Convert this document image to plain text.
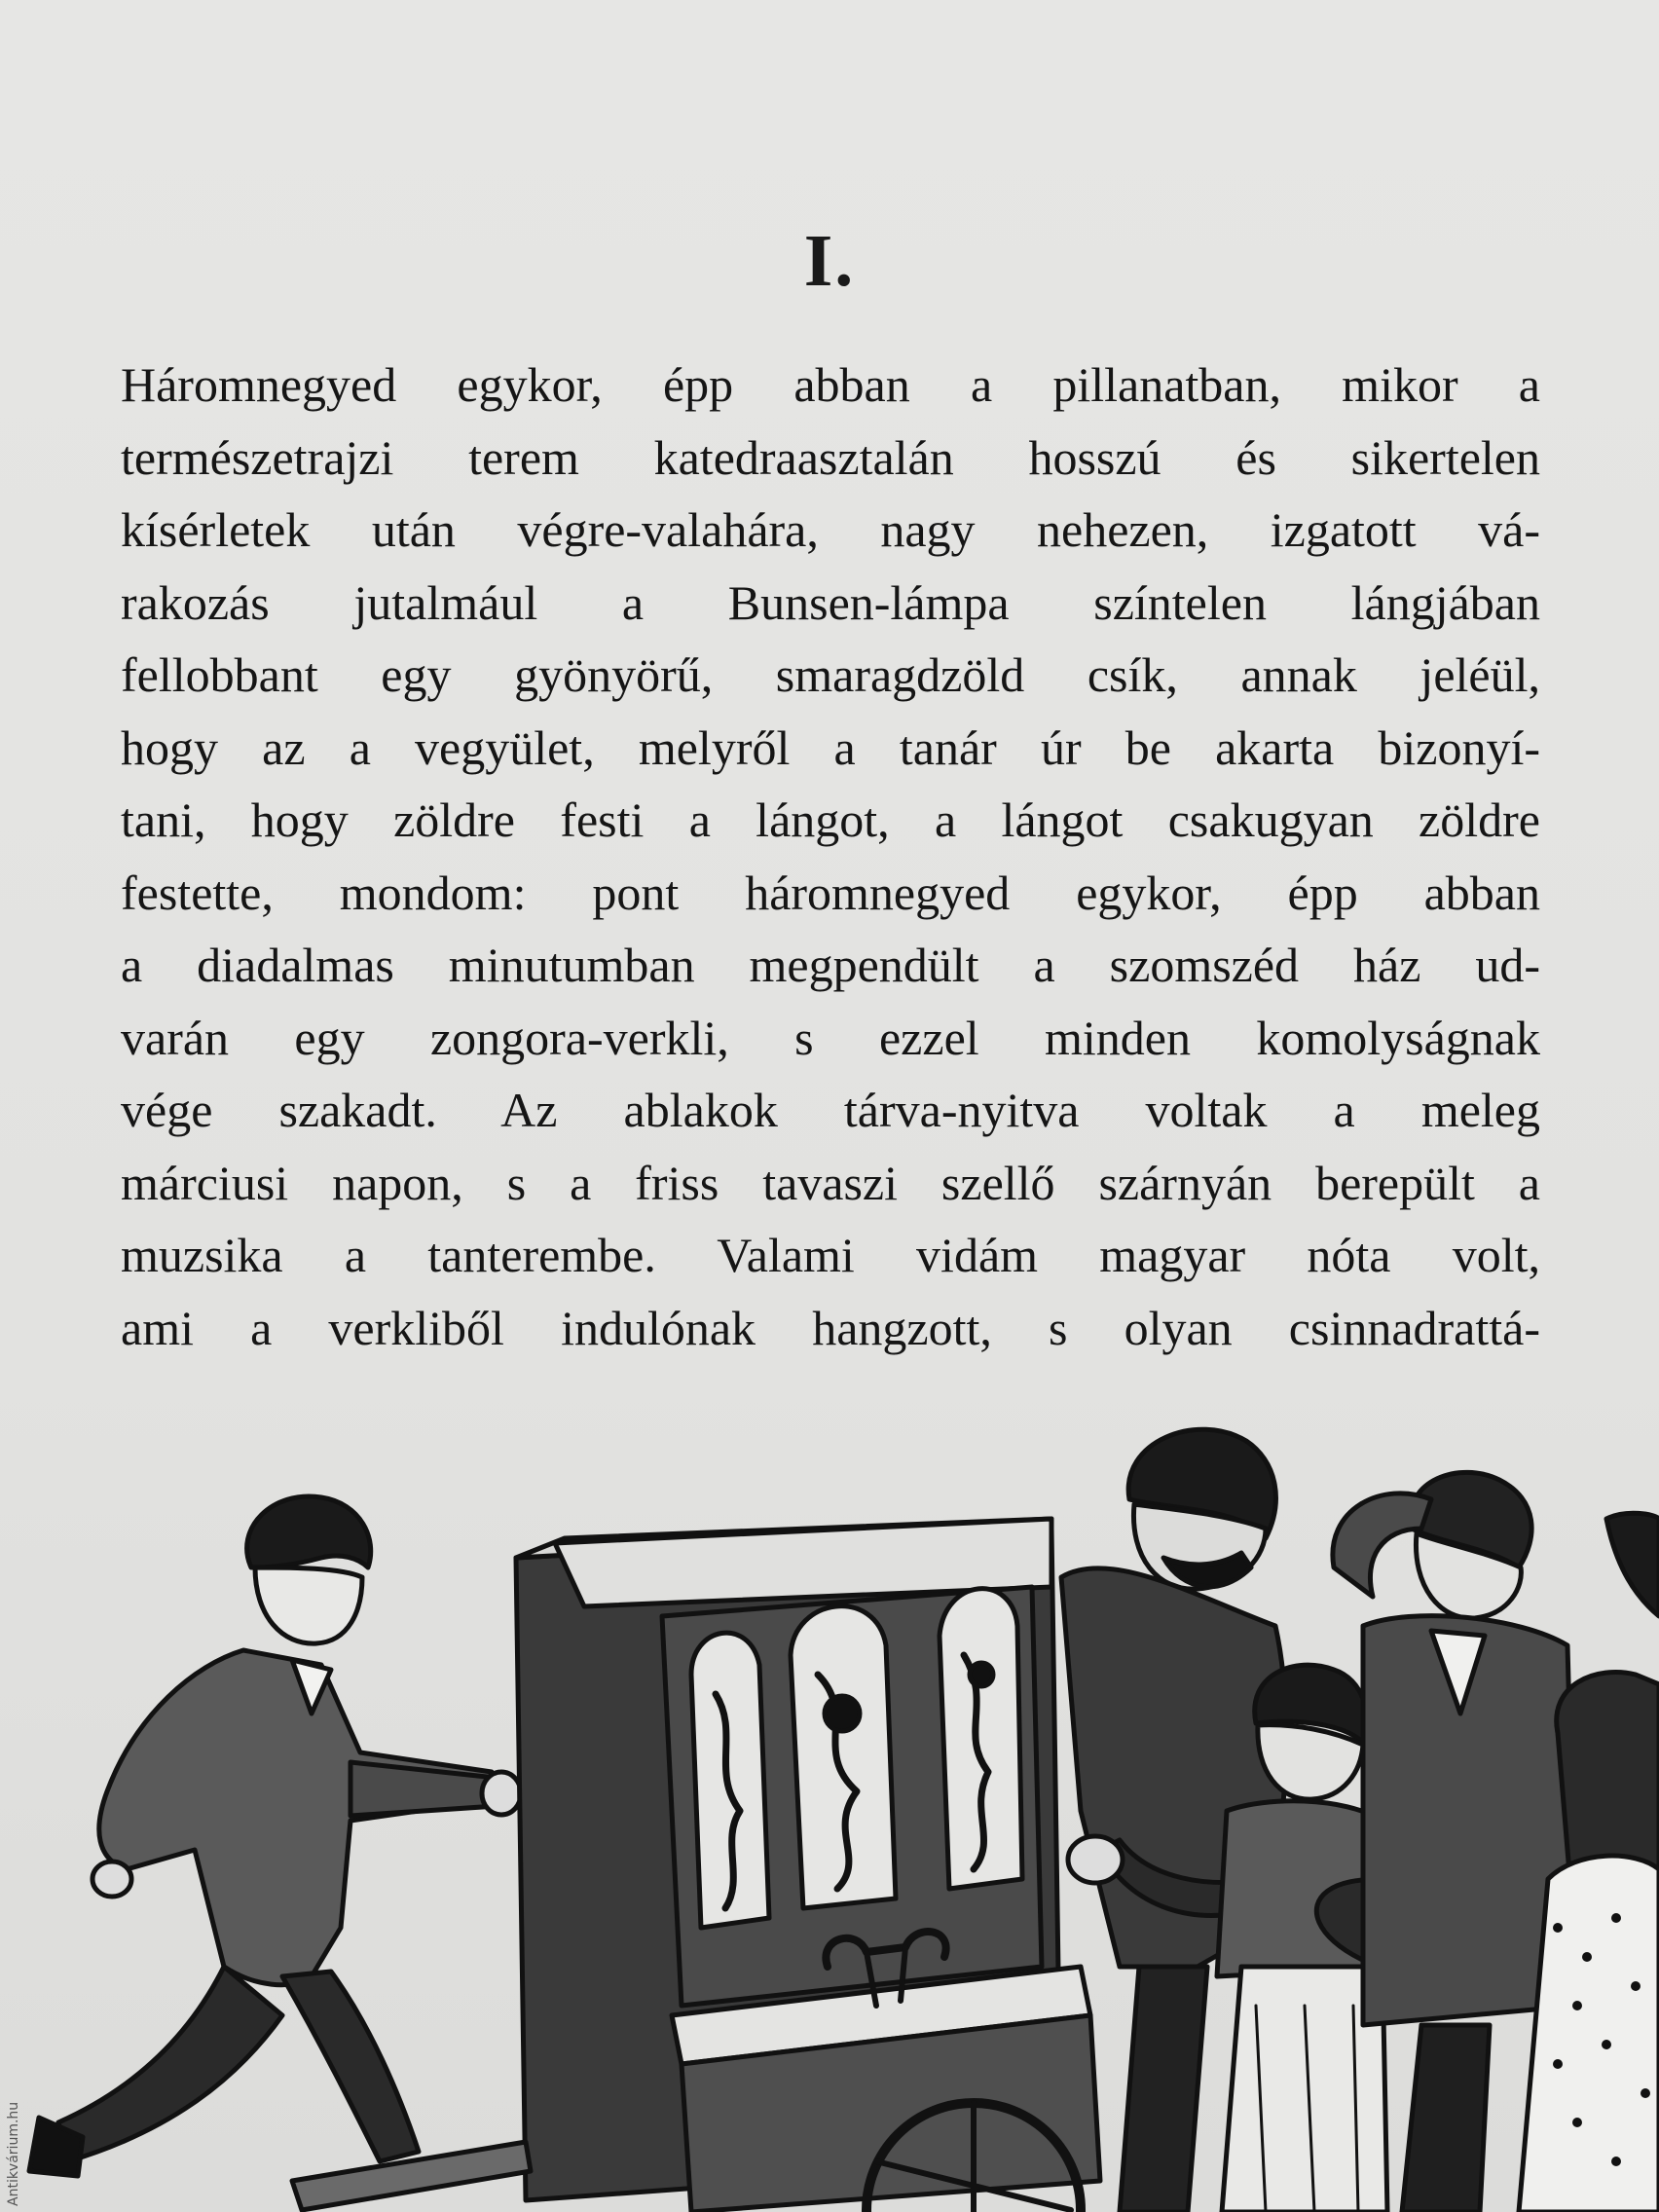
I.
Háromnegyed egykor, épp abban a pillanatban, mikor a
természetrajzi terem katedraasztalán hosszú és sikertelen
kísérletek után végre-valahára, nagy nehezen, izgatott vá-
rakozás jutalmául a Bunsen-lámpa színtelen lángjában
fellobbant egy gyönyörű, smaragdzöld csík, annak jeléül,
hogy az a vegyület, melyről a tanár úr be akarta bizonyí-
tani, hogy zöldre festi a lángot, a lángot csakugyan zöldre
festette, mondom: pont háromnegyed egykor, épp abban
a diadalmas minutumban megpendült a szomszéd ház ud-
varán egy zongora-verkli, s ezzel minden komolyságnak
vége szakadt. Az ablakok tárva-nyitva voltak a meleg
márciusi napon, s a friss tavaszi szellő szárnyán berepült a
muzsika a tanterembe. Valami vidám magyar nóta volt,
ami a verkliből indulónak hangzott, s olyan csinnadrattá-
Antikvárium.hu
